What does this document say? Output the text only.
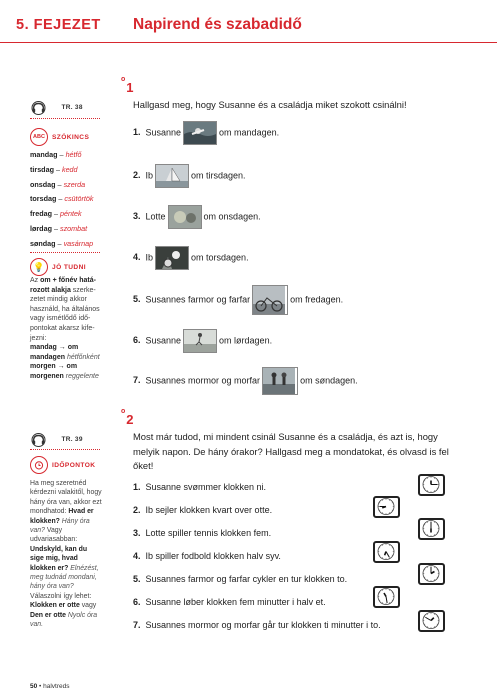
5. FEJEZET Napirend és szabadidő
TR. 38
ABC	SZÓKINCS
mandag – hétfő
tirsdag – kedd
onsdag – szerda
torsdag – csütörtök
fredag – péntek
lørdag – szombat
søndag – vasárnap
💡	JÓ TUDNI
Az om + főnév hatá-rozott alakja szerke-zetet mindig akkor használd, ha általános vagy ismétlődő idő-pontokat akarsz kife-jezni:
mandag → om mandagen hétfőnként
morgen → om morgenen reggelente
TR. 39
IDŐPONTOK
Ha meg szeretnéd kérdezni valakitől, hogy hány óra van, akkor ezt mondhatod: Hvad er klokken? Hány óra van? Vagy udvariasabban: Undskyld, kan du sige mig, hvad klokken er? Elnézést, meg tudnád mondani, hány óra van? Válaszolni így lehet: Klokken er otte vagy Den er otte Nyolc óra van.
$^o$1
Hallgasd meg, hogy Susanne és a családja miket szokott csinálni!
1. Susanne	om mandagen.
2. Ib	om tirsdagen.
3. Lotte	om onsdagen.
4. Ib	om torsdagen.
5. Susannes farmor og farfar	om fredagen.
6. Susanne	om lørdagen.
7. Susannes mormor og morfar	om søndagen.
$^o$2
Most már tudod, mi mindent csinál Susanne és a családja, és azt is, hogy melyik napon. De hány órakor? Hallgasd meg a mondatokat, és olvasd is fel őket!
1. Susanne svømmer klokken ni.
2. Ib sejler klokken kvart over otte.
3. Lotte spiller tennis klokken fem.
4. Ib spiller fodbold klokken halv syv.
5. Susannes farmor og farfar cykler en tur klokken to.
6. Susanne løber klokken fem minutter i halv et.
7. Susannes mormor og morfar går tur klokken ti minutter i to.
50 • halvtreds
